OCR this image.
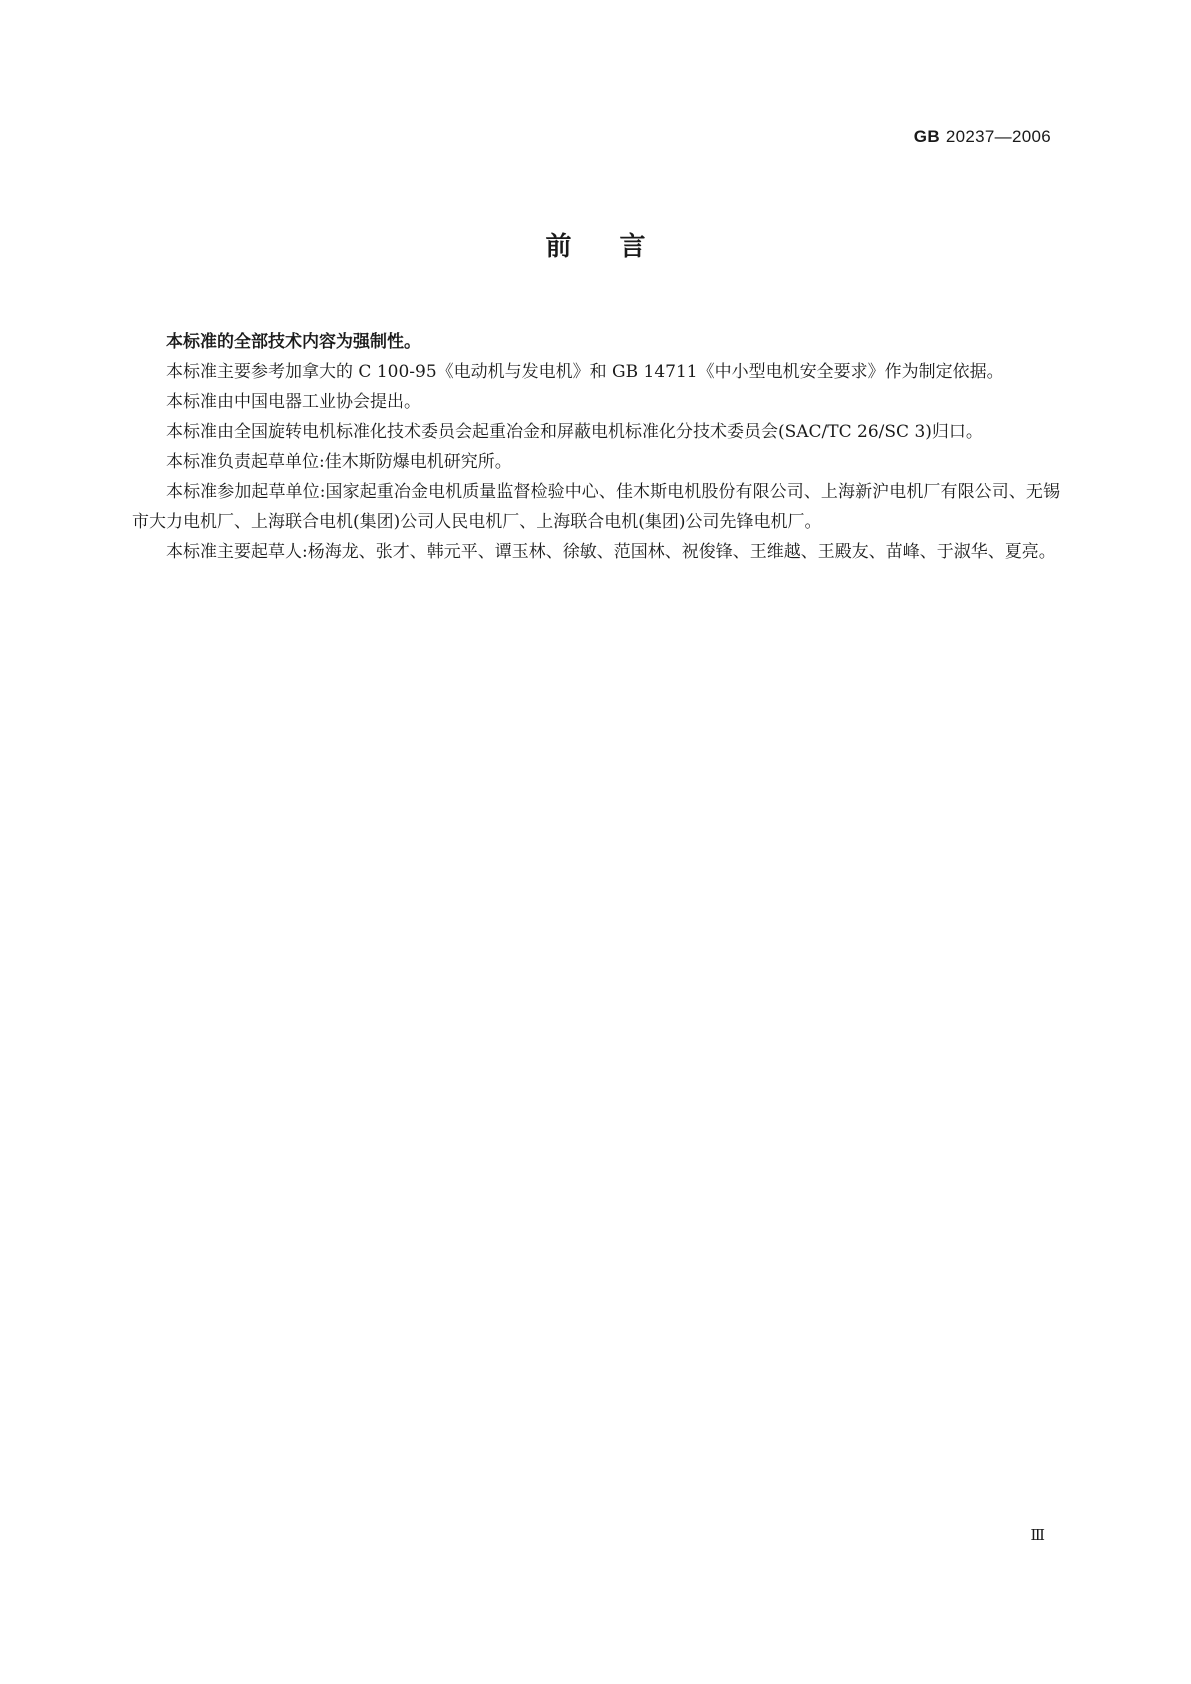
GB 20237—2006
前言

本标准的全部技术内容为强制性。

本标准主要参考加拿大的 C 100-95《电动机与发电机》和 GB 14711《中小型电机安全要求》作为制定依据。

本标准由中国电器工业协会提出。

本标准由全国旋转电机标准化技术委员会起重冶金和屏蔽电机标准化分技术委员会(SAC/TC 26/SC 3)归口。

本标准负责起草单位:佳木斯防爆电机研究所。

本标准参加起草单位:国家起重冶金电机质量监督检验中心、佳木斯电机股份有限公司、上海新沪电机厂有限公司、无锡市大力电机厂、上海联合电机(集团)公司人民电机厂、上海联合电机(集团)公司先锋电机厂。

本标准主要起草人:杨海龙、张才、韩元平、谭玉林、徐敏、范国林、祝俊锋、王维越、王殿友、苗峰、于淑华、夏亮。

Ⅲ
